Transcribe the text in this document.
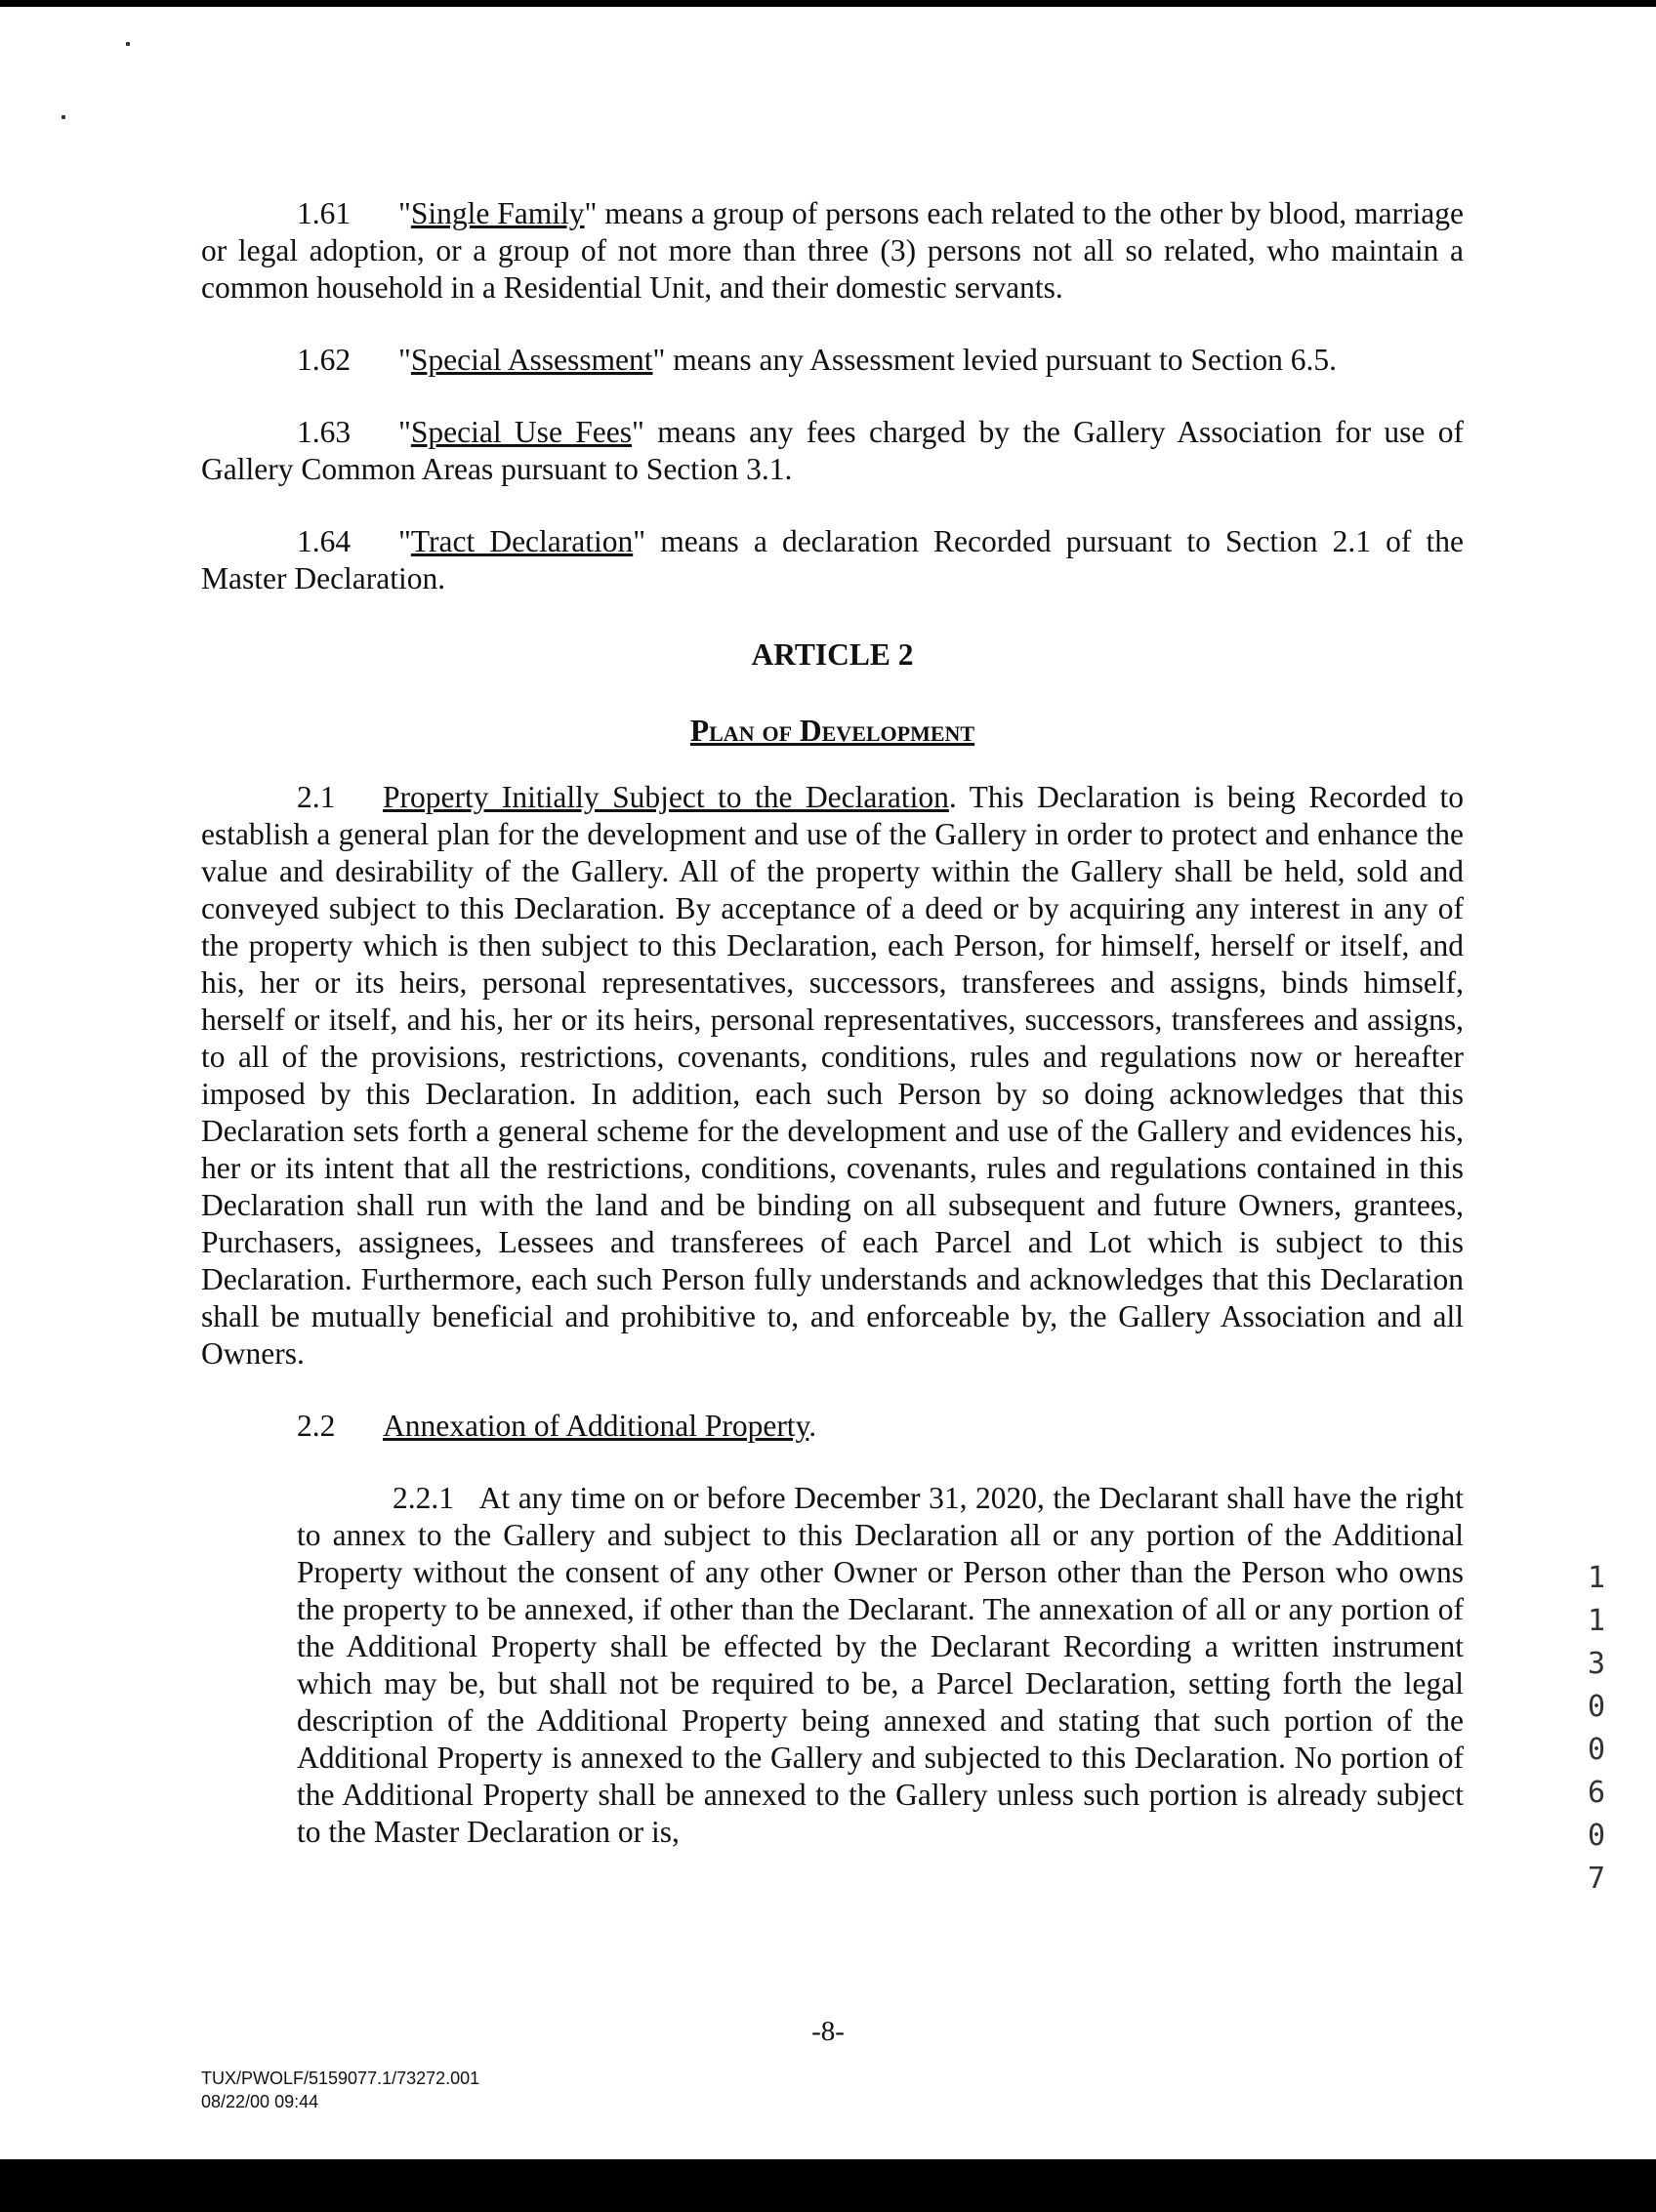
1.61 "Single Family" means a group of persons each related to the other by blood, marriage or legal adoption, or a group of not more than three (3) persons not all so related, who maintain a common household in a Residential Unit, and their domestic servants.

1.62 "Special Assessment" means any Assessment levied pursuant to Section 6.5.

1.63 "Special Use Fees" means any fees charged by the Gallery Association for use of Gallery Common Areas pursuant to Section 3.1.

1.64 "Tract Declaration" means a declaration Recorded pursuant to Section 2.1 of the Master Declaration.

ARTICLE 2

Plan of Development

2.1 Property Initially Subject to the Declaration. This Declaration is being Recorded to establish a general plan for the development and use of the Gallery in order to protect and enhance the value and desirability of the Gallery. All of the property within the Gallery shall be held, sold and conveyed subject to this Declaration. By acceptance of a deed or by acquiring any interest in any of the property which is then subject to this Declaration, each Person, for himself, herself or itself, and his, her or its heirs, personal representatives, successors, transferees and assigns, binds himself, herself or itself, and his, her or its heirs, personal representatives, successors, transferees and assigns, to all of the provisions, restrictions, covenants, conditions, rules and regulations now or hereafter imposed by this Declaration. In addition, each such Person by so doing acknowledges that this Declaration sets forth a general scheme for the development and use of the Gallery and evidences his, her or its intent that all the restrictions, conditions, covenants, rules and regulations contained in this Declaration shall run with the land and be binding on all subsequent and future Owners, grantees, Purchasers, assignees, Lessees and transferees of each Parcel and Lot which is subject to this Declaration. Furthermore, each such Person fully understands and acknowledges that this Declaration shall be mutually beneficial and prohibitive to, and enforceable by, the Gallery Association and all Owners.

2.2 Annexation of Additional Property.

2.2.1 At any time on or before December 31, 2020, the Declarant shall have the right to annex to the Gallery and subject to this Declaration all or any portion of the Additional Property without the consent of any other Owner or Person other than the Person who owns the property to be annexed, if other than the Declarant. The annexation of all or any portion of the Additional Property shall be effected by the Declarant Recording a written instrument which may be, but shall not be required to be, a Parcel Declaration, setting forth the legal description of the Additional Property being annexed and stating that such portion of the Additional Property is annexed to the Gallery and subjected to this Declaration. No portion of the Additional Property shall be annexed to the Gallery unless such portion is already subject to the Master Declaration or is,

1130 0607

-8-

TUX/PWOLF/5159077.1/73272.001
08/22/00 09:44
